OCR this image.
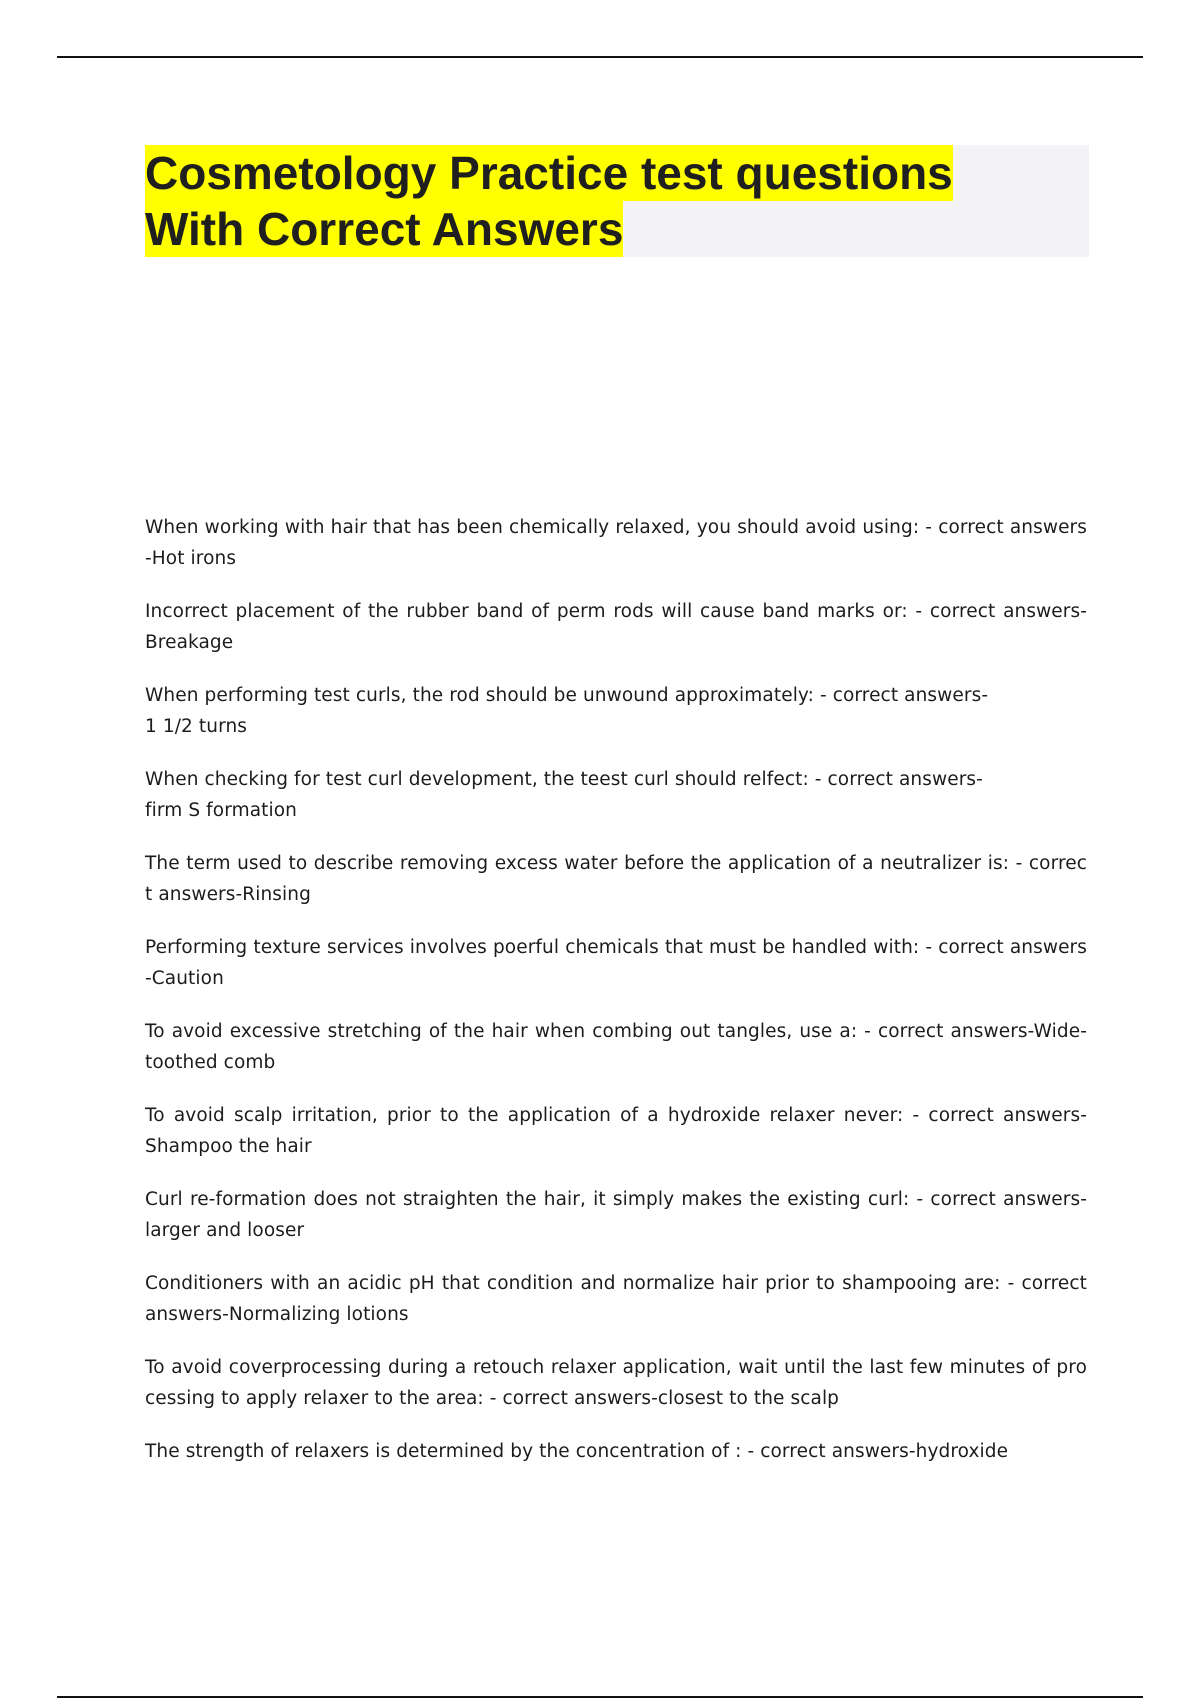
Cosmetology Practice test questions
With Correct Answers
When working with hair that has been chemically relaxed, you should avoid using: - correct answers
-Hot irons
Incorrect placement of the rubber band of perm rods will cause band marks or: - correct answers-
Breakage
When performing test curls, the rod should be unwound approximately: - correct answers-
1 1/2 turns
When checking for test curl development, the teest curl should relfect: - correct answers-
firm S formation
The term used to describe removing excess water before the application of a neutralizer is: - correc
t answers-Rinsing
Performing texture services involves poerful chemicals that must be handled with: - correct answers
-Caution
To avoid excessive stretching of the hair when combing out tangles, use a: - correct answers-Wide-
toothed comb
To avoid scalp irritation, prior to the application of a hydroxide relaxer never: - correct answers-
Shampoo the hair
Curl re-formation does not straighten the hair, it simply makes the existing curl: - correct answers-
larger and looser
Conditioners with an acidic pH that condition and normalize hair prior to shampooing are: - correct
answers-Normalizing lotions
To avoid coverprocessing during a retouch relaxer application, wait until the last few minutes of pro
cessing to apply relaxer to the area: - correct answers-closest to the scalp
The strength of relaxers is determined by the concentration of : - correct answers-hydroxide
